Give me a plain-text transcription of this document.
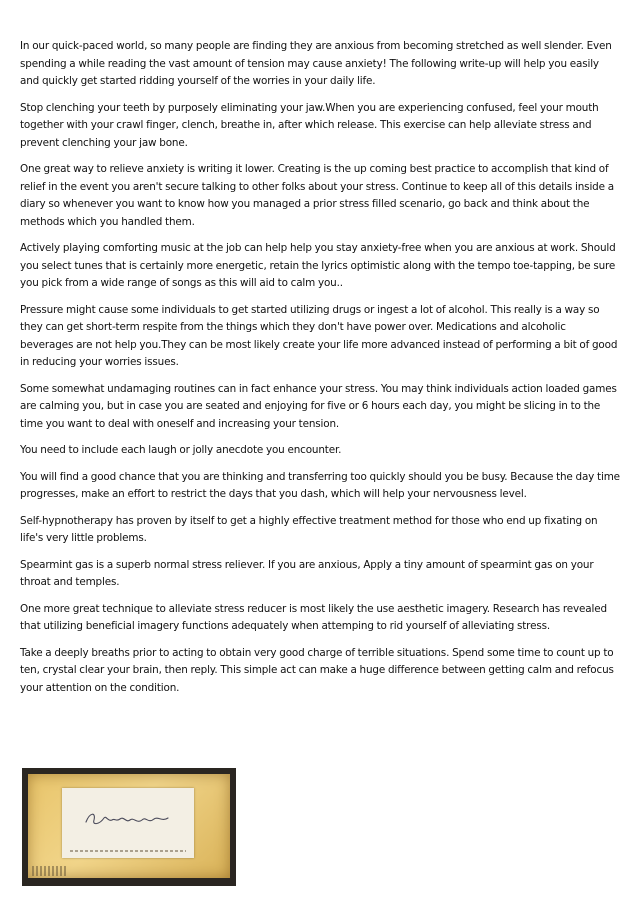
In our quick-paced world, so many people are finding they are anxious from becoming stretched as well slender. Even spending a while reading the vast amount of tension may cause anxiety! The following write-up will help you easily and quickly get started ridding yourself of the worries in your daily life.

Stop clenching your teeth by purposely eliminating your jaw.When you are experiencing confused, feel your mouth together with your crawl finger, clench, breathe in, after which release. This exercise can help alleviate stress and prevent clenching your jaw bone.

One great way to relieve anxiety is writing it lower. Creating is the up coming best practice to accomplish that kind of relief in the event you aren't secure talking to other folks about your stress. Continue to keep all of this details inside a diary so whenever you want to know how you managed a prior stress filled scenario, go back and think about the methods which you handled them.

Actively playing comforting music at the job can help help you stay anxiety-free when you are anxious at work. Should you select tunes that is certainly more energetic, retain the lyrics optimistic along with the tempo toe-tapping, be sure you pick from a wide range of songs as this will aid to calm you..

Pressure might cause some individuals to get started utilizing drugs or ingest a lot of alcohol. This really is a way so they can get short-term respite from the things which they don't have power over. Medications and alcoholic beverages are not help you.They can be most likely create your life more advanced instead of performing a bit of good in reducing your worries issues.

Some somewhat undamaging routines can in fact enhance your stress. You may think individuals action loaded games are calming you, but in case you are seated and enjoying for five or 6 hours each day, you might be slicing in to the time you want to deal with oneself and increasing your tension.

You need to include each laugh or jolly anecdote you encounter.

You will find a good chance that you are thinking and transferring too quickly should you be busy. Because the day time progresses, make an effort to restrict the days that you dash, which will help your nervousness level.

Self-hypnotherapy has proven by itself to get a highly effective treatment method for those who end up fixating on life's very little problems.

Spearmint gas is a superb normal stress reliever. If you are anxious, Apply a tiny amount of spearmint gas on your throat and temples.

One more great technique to alleviate stress reducer is most likely the use aesthetic imagery. Research has revealed that utilizing beneficial imagery functions adequately when attemping to rid yourself of alleviating stress.

Take a deeply breaths prior to acting to obtain very good charge of terrible situations. Spend some time to count up to ten, crystal clear your brain, then reply. This simple act can make a huge difference between getting calm and refocus your attention on the condition.
